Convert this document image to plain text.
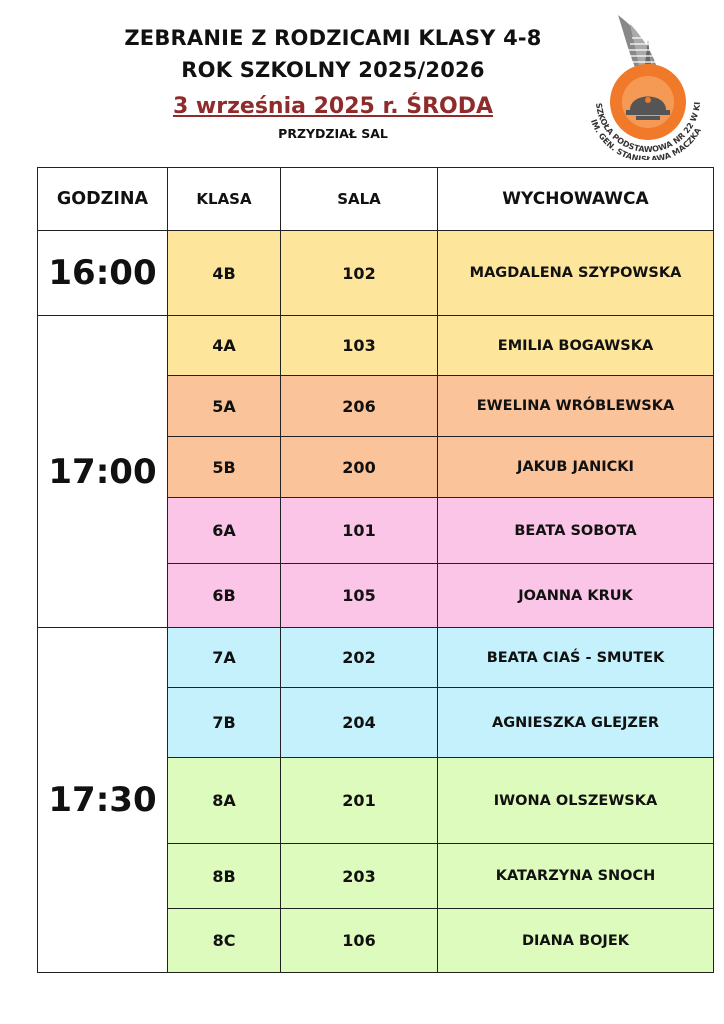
ZEBRANIE Z RODZICAMI KLASY 4-8
ROK SZKOLNY 2025/2026
3 września 2025 r. ŚRODA
PRZYDZIAŁ SAL
SZKOŁA PODSTAWOWA NR 22 W KI
IM. GEN. STANISŁAWA MACZKA
GODZINA	KLASA	SALA	WYCHOWAWCA
16:00	4B	102	MAGDALENA SZYPOWSKA
17:00	4A	103	EMILIA BOGAWSKA
	5A	206	EWELINA WRÓBLEWSKA
	5B	200	JAKUB JANICKI
	6A	101	BEATA SOBOTA
	6B	105	JOANNA KRUK
17:30	7A	202	BEATA CIAŚ - SMUTEK
	7B	204	AGNIESZKA GLEJZER
	8A	201	IWONA OLSZEWSKA
	8B	203	KATARZYNA SNOCH
	8C	106	DIANA BOJEK
